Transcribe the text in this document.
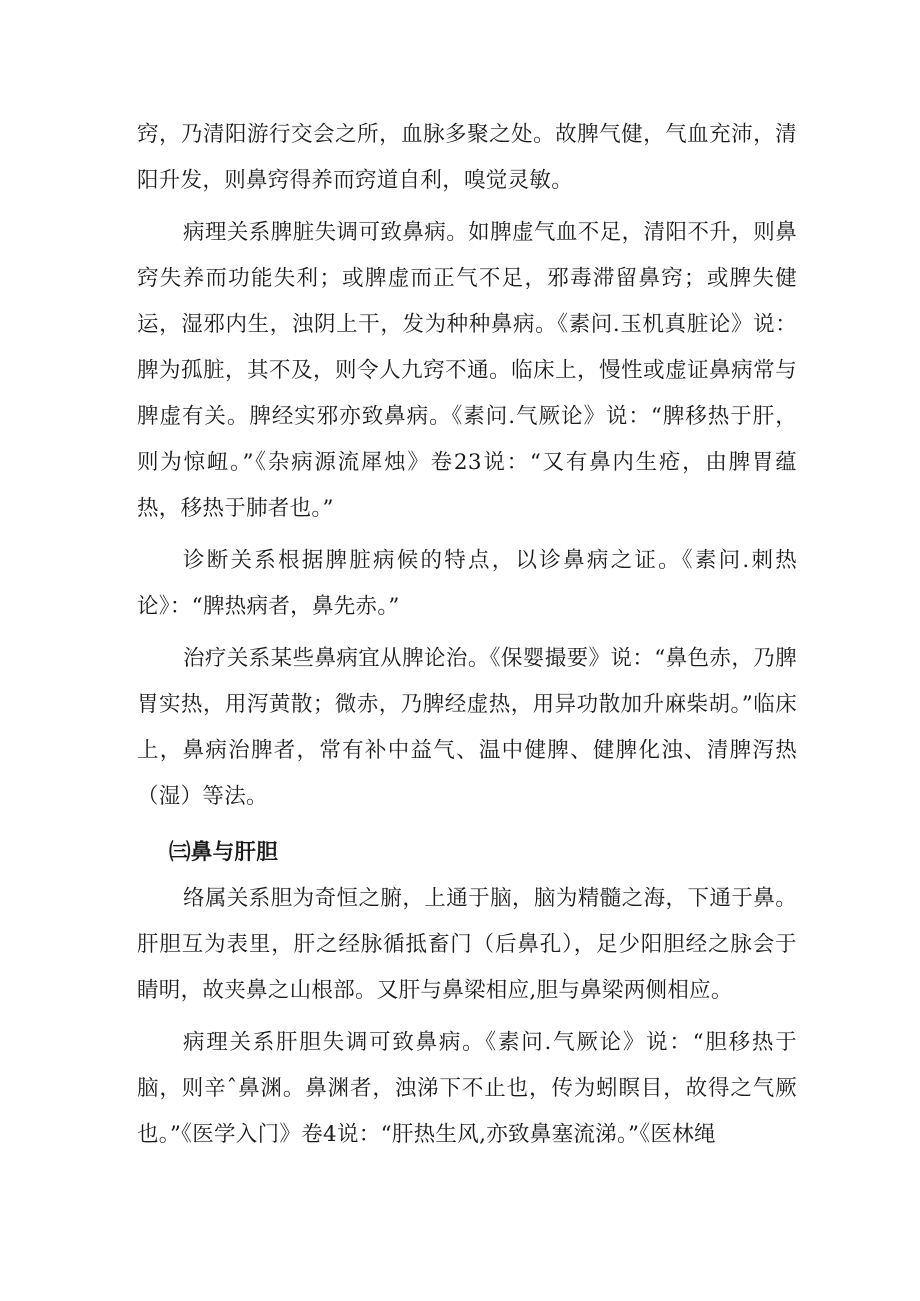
窍，乃清阳游行交会之所，血脉多聚之处。故脾气健，气血充沛，清阳升发，则鼻窍得养而窍道自利，嗅觉灵敏。

病理关系脾脏失调可致鼻病。如脾虚气血不足，清阳不升，则鼻窍失养而功能失利；或脾虚而正气不足，邪毒滞留鼻窍；或脾失健运，湿邪内生，浊阴上干，发为种种鼻病。《素问.玉机真脏论》说：脾为孤脏，其不及，则令人九窍不通。临床上，慢性或虚证鼻病常与脾虚有关。脾经实邪亦致鼻病。《素问.气厥论》说：“脾移热于肝，则为惊衄。”《杂病源流犀烛》卷23说：“又有鼻内生疮，由脾胃蕴热，移热于肺者也。”

诊断关系根据脾脏病候的特点，以诊鼻病之证。《素问.刺热论》：“脾热病者，鼻先赤。”

治疗关系某些鼻病宜从脾论治。《保婴撮要》说：“鼻色赤，乃脾胃实热，用泻黄散；微赤，乃脾经虚热，用异功散加升麻柴胡。”临床上，鼻病治脾者，常有补中益气、温中健脾、健脾化浊、清脾泻热（湿）等法。

㈢鼻与肝胆

络属关系胆为奇恒之腑，上通于脑，脑为精髓之海，下通于鼻。肝胆互为表里，肝之经脉循抵畜门（后鼻孔），足少阳胆经之脉会于睛明，故夹鼻之山根部。又肝与鼻梁相应,胆与鼻梁两侧相应。

病理关系肝胆失调可致鼻病。《素问.气厥论》说：“胆移热于脑，则辛ˆ鼻渊。鼻渊者，浊涕下不止也，传为蚓瞑目，故得之气厥也。”《医学入门》卷4说：“肝热生风,亦致鼻塞流涕。”《医林绳
